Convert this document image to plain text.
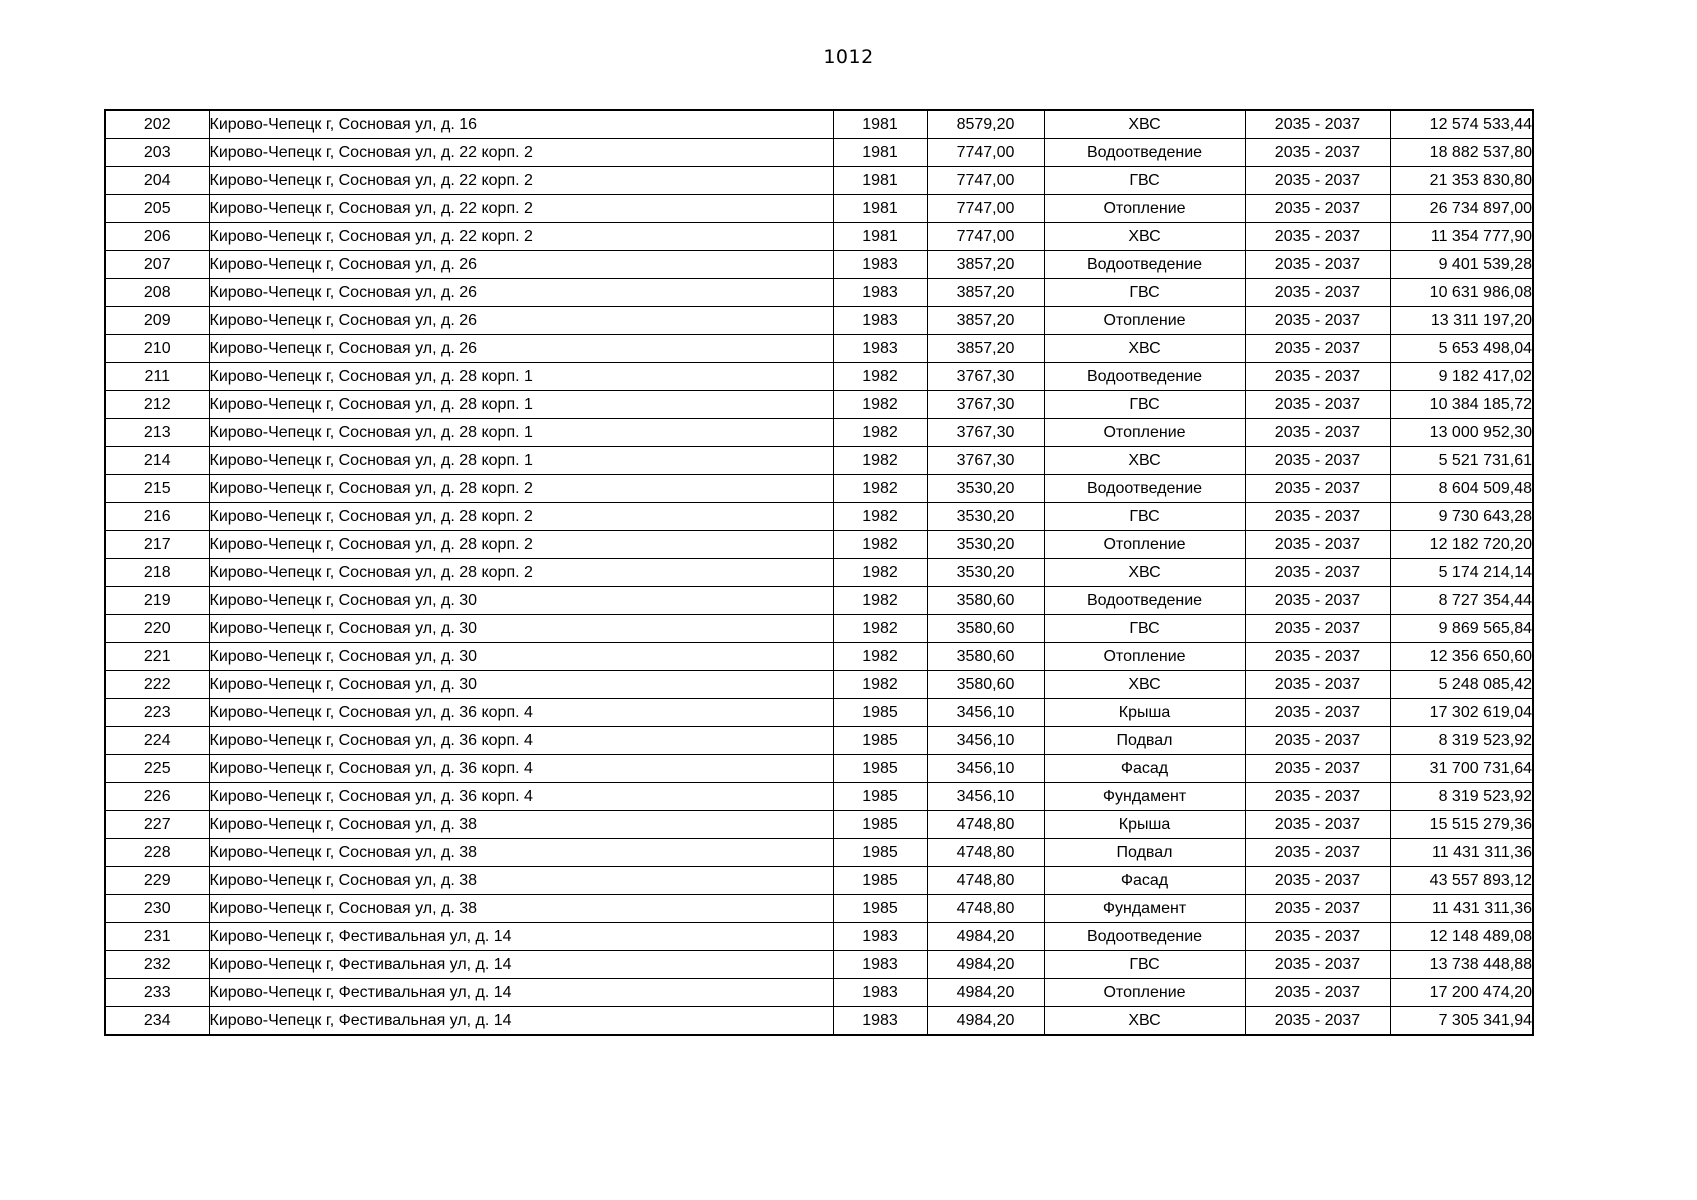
1012
202	Кирово-Чепецк г, Сосновая ул, д. 16	1981	8579,20	ХВС	2035 - 2037	12 574 533,44
203	Кирово-Чепецк г, Сосновая ул, д. 22 корп. 2	1981	7747,00	Водоотведение	2035 - 2037	18 882 537,80
204	Кирово-Чепецк г, Сосновая ул, д. 22 корп. 2	1981	7747,00	ГВС	2035 - 2037	21 353 830,80
205	Кирово-Чепецк г, Сосновая ул, д. 22 корп. 2	1981	7747,00	Отопление	2035 - 2037	26 734 897,00
206	Кирово-Чепецк г, Сосновая ул, д. 22 корп. 2	1981	7747,00	ХВС	2035 - 2037	11 354 777,90
207	Кирово-Чепецк г, Сосновая ул, д. 26	1983	3857,20	Водоотведение	2035 - 2037	9 401 539,28
208	Кирово-Чепецк г, Сосновая ул, д. 26	1983	3857,20	ГВС	2035 - 2037	10 631 986,08
209	Кирово-Чепецк г, Сосновая ул, д. 26	1983	3857,20	Отопление	2035 - 2037	13 311 197,20
210	Кирово-Чепецк г, Сосновая ул, д. 26	1983	3857,20	ХВС	2035 - 2037	5 653 498,04
211	Кирово-Чепецк г, Сосновая ул, д. 28 корп. 1	1982	3767,30	Водоотведение	2035 - 2037	9 182 417,02
212	Кирово-Чепецк г, Сосновая ул, д. 28 корп. 1	1982	3767,30	ГВС	2035 - 2037	10 384 185,72
213	Кирово-Чепецк г, Сосновая ул, д. 28 корп. 1	1982	3767,30	Отопление	2035 - 2037	13 000 952,30
214	Кирово-Чепецк г, Сосновая ул, д. 28 корп. 1	1982	3767,30	ХВС	2035 - 2037	5 521 731,61
215	Кирово-Чепецк г, Сосновая ул, д. 28 корп. 2	1982	3530,20	Водоотведение	2035 - 2037	8 604 509,48
216	Кирово-Чепецк г, Сосновая ул, д. 28 корп. 2	1982	3530,20	ГВС	2035 - 2037	9 730 643,28
217	Кирово-Чепецк г, Сосновая ул, д. 28 корп. 2	1982	3530,20	Отопление	2035 - 2037	12 182 720,20
218	Кирово-Чепецк г, Сосновая ул, д. 28 корп. 2	1982	3530,20	ХВС	2035 - 2037	5 174 214,14
219	Кирово-Чепецк г, Сосновая ул, д. 30	1982	3580,60	Водоотведение	2035 - 2037	8 727 354,44
220	Кирово-Чепецк г, Сосновая ул, д. 30	1982	3580,60	ГВС	2035 - 2037	9 869 565,84
221	Кирово-Чепецк г, Сосновая ул, д. 30	1982	3580,60	Отопление	2035 - 2037	12 356 650,60
222	Кирово-Чепецк г, Сосновая ул, д. 30	1982	3580,60	ХВС	2035 - 2037	5 248 085,42
223	Кирово-Чепецк г, Сосновая ул, д. 36 корп. 4	1985	3456,10	Крыша	2035 - 2037	17 302 619,04
224	Кирово-Чепецк г, Сосновая ул, д. 36 корп. 4	1985	3456,10	Подвал	2035 - 2037	8 319 523,92
225	Кирово-Чепецк г, Сосновая ул, д. 36 корп. 4	1985	3456,10	Фасад	2035 - 2037	31 700 731,64
226	Кирово-Чепецк г, Сосновая ул, д. 36 корп. 4	1985	3456,10	Фундамент	2035 - 2037	8 319 523,92
227	Кирово-Чепецк г, Сосновая ул, д. 38	1985	4748,80	Крыша	2035 - 2037	15 515 279,36
228	Кирово-Чепецк г, Сосновая ул, д. 38	1985	4748,80	Подвал	2035 - 2037	11 431 311,36
229	Кирово-Чепецк г, Сосновая ул, д. 38	1985	4748,80	Фасад	2035 - 2037	43 557 893,12
230	Кирово-Чепецк г, Сосновая ул, д. 38	1985	4748,80	Фундамент	2035 - 2037	11 431 311,36
231	Кирово-Чепецк г, Фестивальная ул, д. 14	1983	4984,20	Водоотведение	2035 - 2037	12 148 489,08
232	Кирово-Чепецк г, Фестивальная ул, д. 14	1983	4984,20	ГВС	2035 - 2037	13 738 448,88
233	Кирово-Чепецк г, Фестивальная ул, д. 14	1983	4984,20	Отопление	2035 - 2037	17 200 474,20
234	Кирово-Чепецк г, Фестивальная ул, д. 14	1983	4984,20	ХВС	2035 - 2037	7 305 341,94
